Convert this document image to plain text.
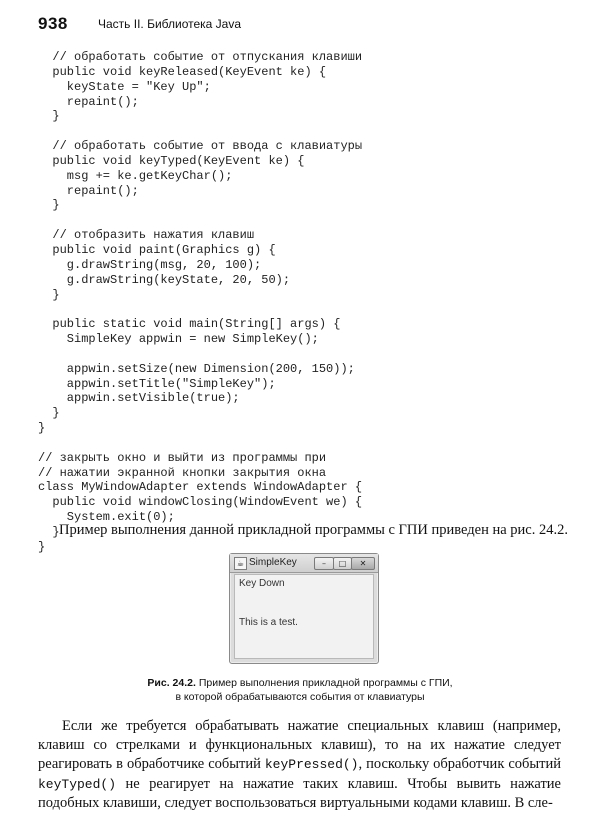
938	Часть II. Библиотека Java
// обработать событие от отпускания клавиши
public void keyReleased(KeyEvent ke) {
keyState = "Key Up";
repaint();
}
// обработать событие от ввода с клавиатуры
public void keyTyped(KeyEvent ke) {
msg += ke.getKeyChar();
repaint();
}
// отобразить нажатия клавиш
public void paint(Graphics g) {
g.drawString(msg, 20, 100);
g.drawString(keyState, 20, 50);
}
public static void main(String[] args) {
SimpleKey appwin = new SimpleKey();
appwin.setSize(new Dimension(200, 150));
appwin.setTitle("SimpleKey");
appwin.setVisible(true);
}
}
// закрыть окно и выйти из программы при
// нажатии экранной кнопки закрытия окна
class MyWindowAdapter extends WindowAdapter {
public void windowClosing(WindowEvent we) {
System.exit(0);
}
}
Пример выполнения данной прикладной программы с ГПИ приведен на рис. 24.2.
☕ SimpleKey	–	□	✕
Key Down
This is a test.
Рис. 24.2. Пример выполнения прикладной программы с ГПИ,
в которой обрабатываются события от клавиатуры
Если же требуется обрабатывать нажатие специальных клавиш (например, клавиш со стрелками и функциональных клавиш), то на их нажатие следует реагировать в обработчике событий keyPressed(), поскольку обработчик событий keyTyped() не реагирует на нажатие таких клавиш. Чтобы вывить нажатие подобных клавиши, следует воспользоваться виртуальными кодами клавиш. В сле-
